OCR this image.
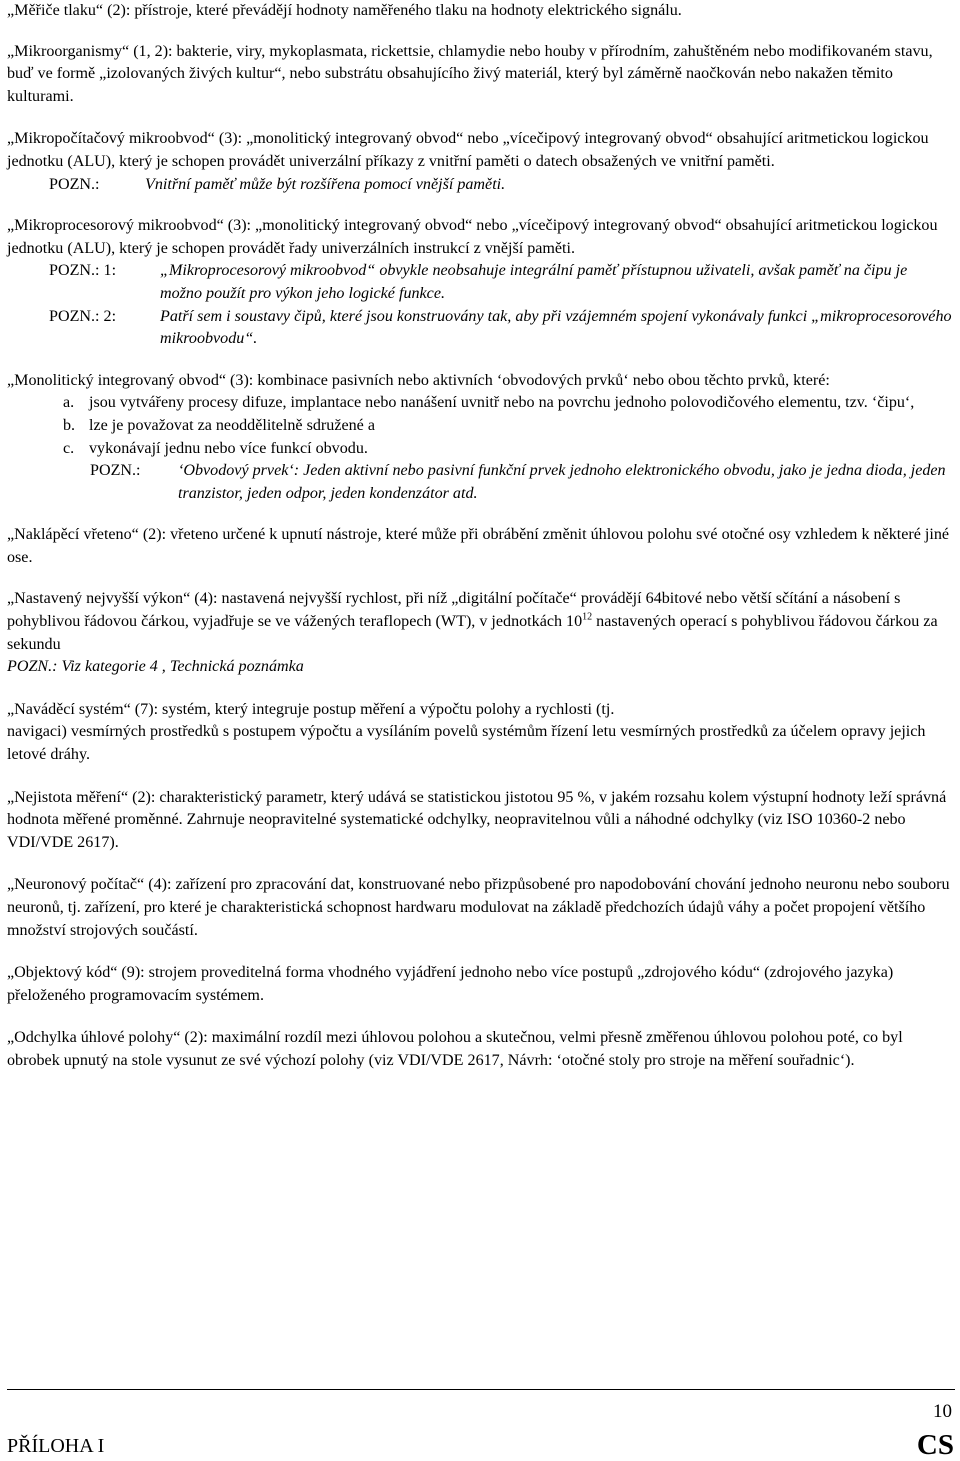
„Měřiče tlaku“ (2): přístroje, které převádějí hodnoty naměřeného tlaku na hodnoty elektrického signálu.

„Mikroorganismy“ (1, 2): bakterie, viry, mykoplasmata, rickettsie, chlamydie nebo houby v přírodním, zahuštěném nebo modifikovaném stavu, buď ve formě „izolovaných živých kultur“, nebo substrátu obsahujícího živý materiál, který byl záměrně naočkován nebo nakažen těmito kulturami.

„Mikropočítačový mikroobvod“ (3): „monolitický integrovaný obvod“ nebo „vícečipový integrovaný obvod“ obsahující aritmetickou logickou jednotku (ALU), který je schopen provádět univerzální příkazy z vnitřní paměti o datech obsažených ve vnitřní paměti.

POZN.:	Vnitřní paměť může být rozšířena pomocí vnější paměti.

„Mikroprocesorový mikroobvod“ (3): „monolitický integrovaný obvod“ nebo „vícečipový integrovaný obvod“ obsahující aritmetickou logickou jednotku (ALU), který je schopen provádět řady univerzálních instrukcí z vnější paměti.

POZN.: 1:	„Mikroprocesorový mikroobvod“ obvykle neobsahuje integrální paměť přístupnou uživateli, avšak paměť na čipu je možno použít pro výkon jeho logické funkce.
POZN.: 2:	Patří sem i soustavy čipů, které jsou konstruovány tak, aby při vzájemném spojení vykonávaly funkci „mikroprocesorového mikroobvodu“.

„Monolitický integrovaný obvod“ (3): kombinace pasivních nebo aktivních ‘obvodových prvků‘ nebo obou těchto prvků, které:

a. jsou vytvářeny procesy difuze, implantace nebo nanášení uvnitř nebo na povrchu jednoho polovodičového elementu, tzv. ‘čipu‘,
b. lze je považovat za neoddělitelně sdružené a
c. vykonávají jednu nebo více funkcí obvodu.
POZN.:	‘Obvodový prvek‘: Jeden aktivní nebo pasivní funkční prvek jednoho elektronického obvodu, jako je jedna dioda, jeden tranzistor, jeden odpor, jeden kondenzátor atd.

„Naklápěcí vřeteno“ (2): vřeteno určené k upnutí nástroje, které může při obrábění změnit úhlovou polohu své otočné osy vzhledem k některé jiné ose.

„Nastavený nejvyšší výkon“ (4): nastavená nejvyšší rychlost, při níž „digitální počítače“ provádějí 64bitové nebo větší sčítání a násobení s pohyblivou řádovou čárkou, vyjadřuje se ve vážených teraflopech (WT), v jednotkách $10^{12}$ nastavených operací s pohyblivou řádovou čárkou za sekundu

POZN.: Viz kategorie 4 , Technická poznámka

„Naváděcí systém“ (7): systém, který integruje postup měření a výpočtu polohy a rychlosti (tj.

navigaci) vesmírných prostředků s postupem výpočtu a vysíláním povelů systémům řízení letu vesmírných prostředků za účelem opravy jejich letové dráhy.

„Nejistota měření“ (2): charakteristický parametr, který udává se statistickou jistotou 95 %, v jakém rozsahu kolem výstupní hodnoty leží správná hodnota měřené proměnné. Zahrnuje neopravitelné systematické odchylky, neopravitelnou vůli a náhodné odchylky (viz ISO 10360-2 nebo VDI/VDE 2617).

„Neuronový počítač“ (4): zařízení pro zpracování dat, konstruované nebo přizpůsobené pro napodobování chování jednoho neuronu nebo souboru neuronů, tj. zařízení, pro které je charakteristická schopnost hardwaru modulovat na základě předchozích údajů váhy a počet propojení většího množství strojových součástí.

„Objektový kód“ (9): strojem proveditelná forma vhodného vyjádření jednoho nebo více postupů „zdrojového kódu“ (zdrojového jazyka) přeloženého programovacím systémem.

„Odchylka úhlové polohy“ (2): maximální rozdíl mezi úhlovou polohou a skutečnou, velmi přesně změřenou úhlovou polohou poté, co byl obrobek upnutý na stole vysunut ze své výchozí polohy (viz VDI/VDE 2617, Návrh: ‘otočné stoly pro stroje na měření souřadnic‘).

10
PŘÍLOHA I	CS
